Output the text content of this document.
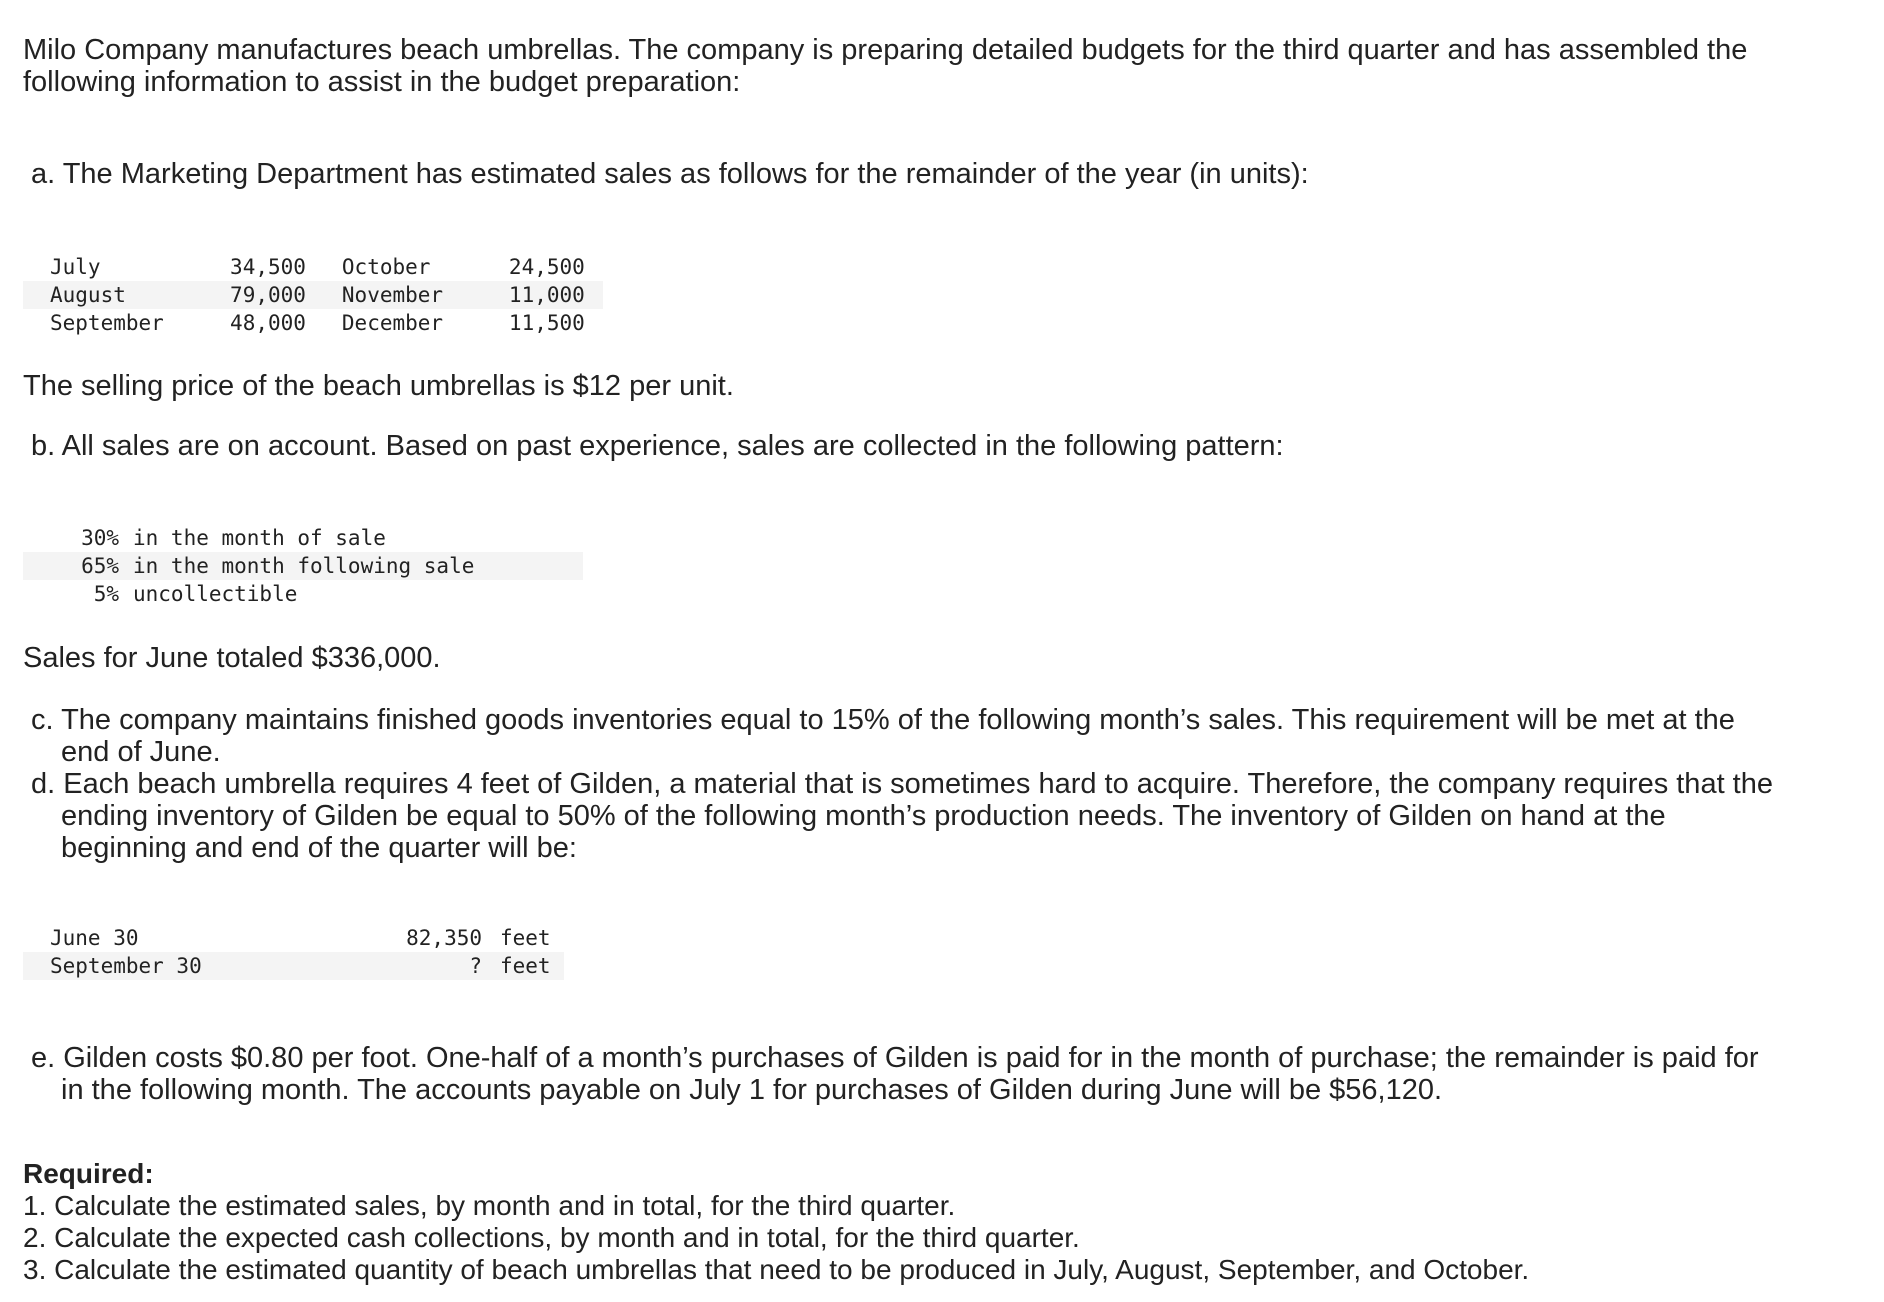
Milo Company manufactures beach umbrellas. The company is preparing detailed budgets for the third quarter and has assembled the following information to assist in the budget preparation:

a. The Marketing Department has estimated sales as follows for the remainder of the year (in units):

July	34,500	October	24,500	
August	79,000	November	11,000	
September	48,000	December	11,500	

The selling price of the beach umbrellas is $12 per unit.

b. All sales are on account. Based on past experience, sales are collected in the following pattern:

30%	in the month of sale	
65%	in the month following sale	
5%	uncollectible	

Sales for June totaled $336,000.

c. The company maintains finished goods inventories equal to 15% of the following month’s sales. This requirement will be met at the end of June.

d. Each beach umbrella requires 4 feet of Gilden, a material that is sometimes hard to acquire. Therefore, the company requires that the ending inventory of Gilden be equal to 50% of the following month’s production needs. The inventory of Gilden on hand at the beginning and end of the quarter will be:

June 30	82,350	feet
September 30	?	feet

e. Gilden costs $0.80 per foot. One-half of a month’s purchases of Gilden is paid for in the month of purchase; the remainder is paid for in the following month. The accounts payable on July 1 for purchases of Gilden during June will be $56,120.

Required:
1. Calculate the estimated sales, by month and in total, for the third quarter.
2. Calculate the expected cash collections, by month and in total, for the third quarter.
3. Calculate the estimated quantity of beach umbrellas that need to be produced in July, August, September, and October.
